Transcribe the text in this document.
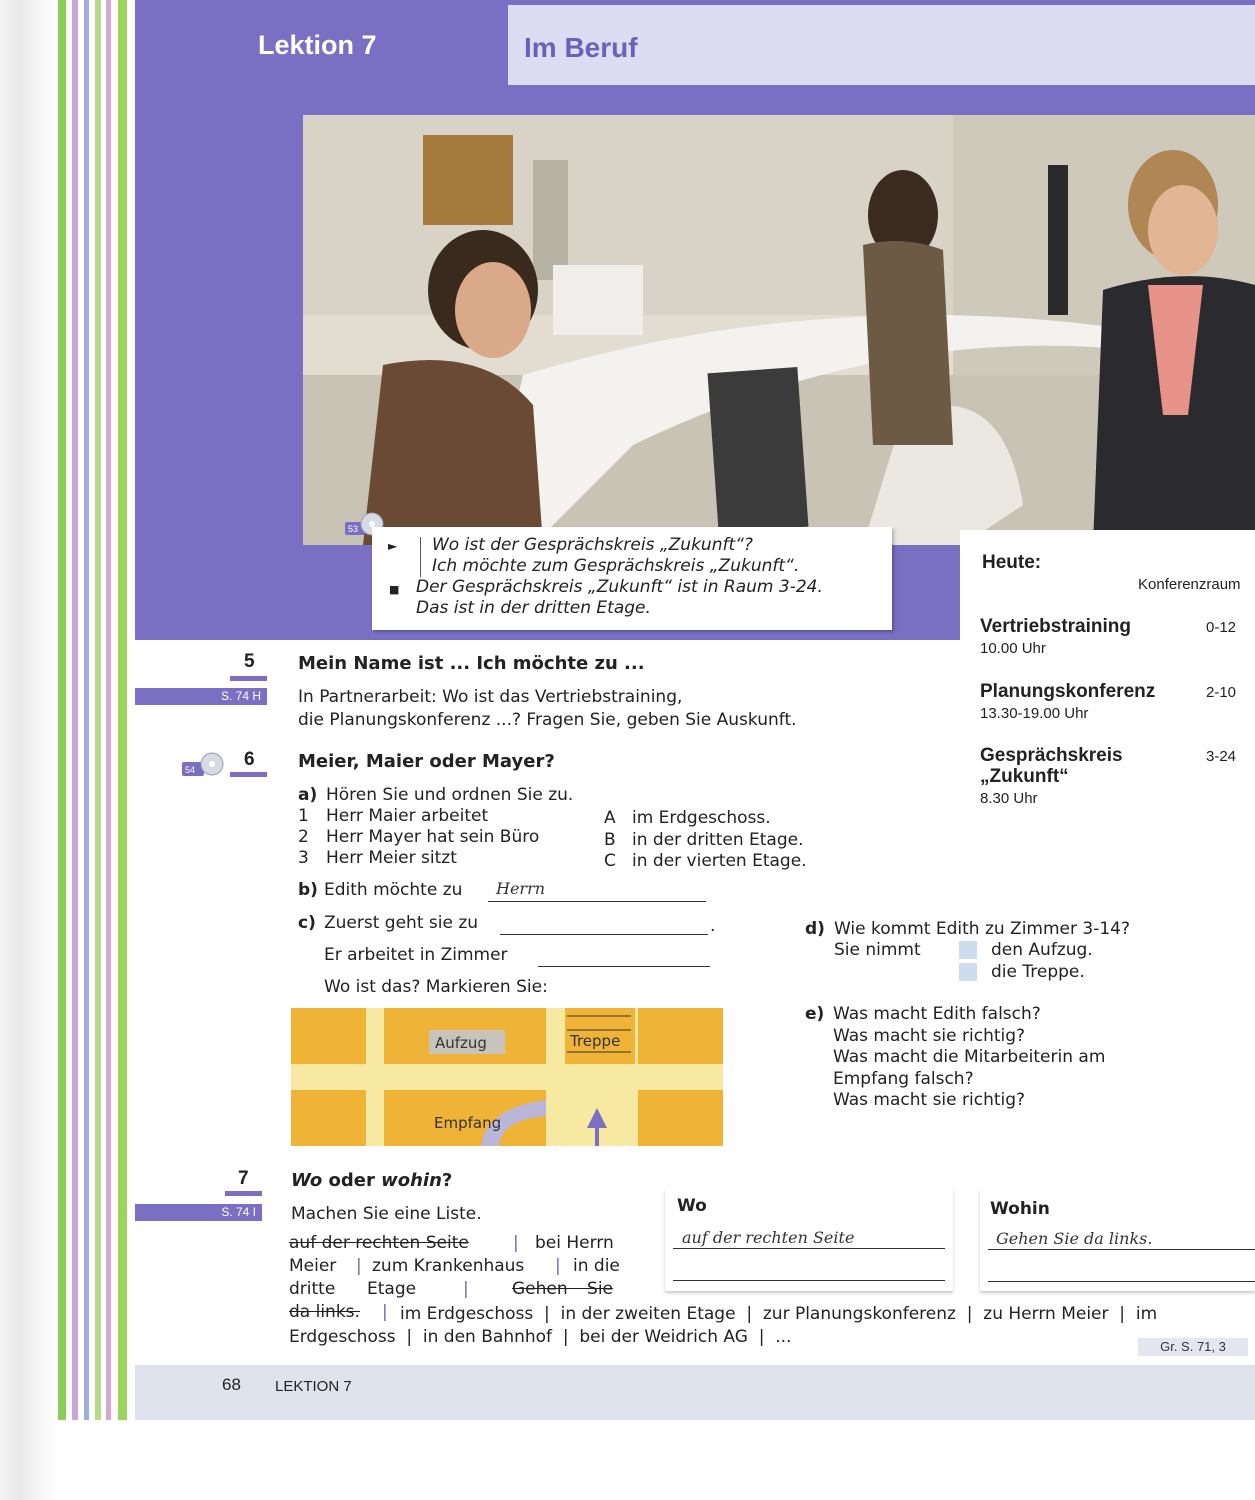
Lektion 7	Im Beruf
53
► Wo ist der Gesprächskreis „Zukunft“?
Ich möchte zum Gesprächskreis „Zukunft“.
■ Der Gesprächskreis „Zukunft“ ist in Raum 3-24.
Das ist in der dritten Etage.
Heute:
Konferenzraum
Vertriebstraining	0-12
10.00 Uhr
Planungskonferenz	2-10
13.30-19.00 Uhr
Gesprächskreis	3-24
„Zukunft“
8.30 Uhr
5
S. 74 H
Mein Name ist ... Ich möchte zu ...
In Partnerarbeit: Wo ist das Vertriebstraining,
die Planungskonferenz ...? Fragen Sie, geben Sie Auskunft.
54	6 Meier, Maier oder Mayer?
a) Hören Sie und ordnen Sie zu.
1 Herr Maier arbeitet	A im Erdgeschoss.
2 Herr Mayer hat sein Büro	B in der dritten Etage.
3 Herr Meier sitzt	C in der vierten Etage.
b) Edith möchte zu Herrn
c) Zuerst geht sie zu	.
Er arbeitet in Zimmer
Wo ist das? Markieren Sie:
Aufzug	Treppe
Empfang
d) Wie kommt Edith zu Zimmer 3-14?
Sie nimmt	den Aufzug.
die Treppe.
e) Was macht Edith falsch?
Was macht sie richtig?
Was macht die Mitarbeiterin am
Empfang falsch?
Was macht sie richtig?
7
S. 74 I
Wo oder wohin?
Machen Sie eine Liste.
auf der rechten Seite	| bei Herrn
Meier | zum Krankenhaus | in die
dritte Etage	|	Gehen Sie
da links. | im Erdgeschoss  |  in der zweiten Etage  |  zur Planungskonferenz  |  zu Herrn Meier  |  im
Erdgeschoss  |  in den Bahnhof  |  bei der Weidrich AG  |  ...
Wo
auf der rechten Seite
Wohin
Gehen Sie da links.
Gr. S. 71, 3
68 LEKTION 7
